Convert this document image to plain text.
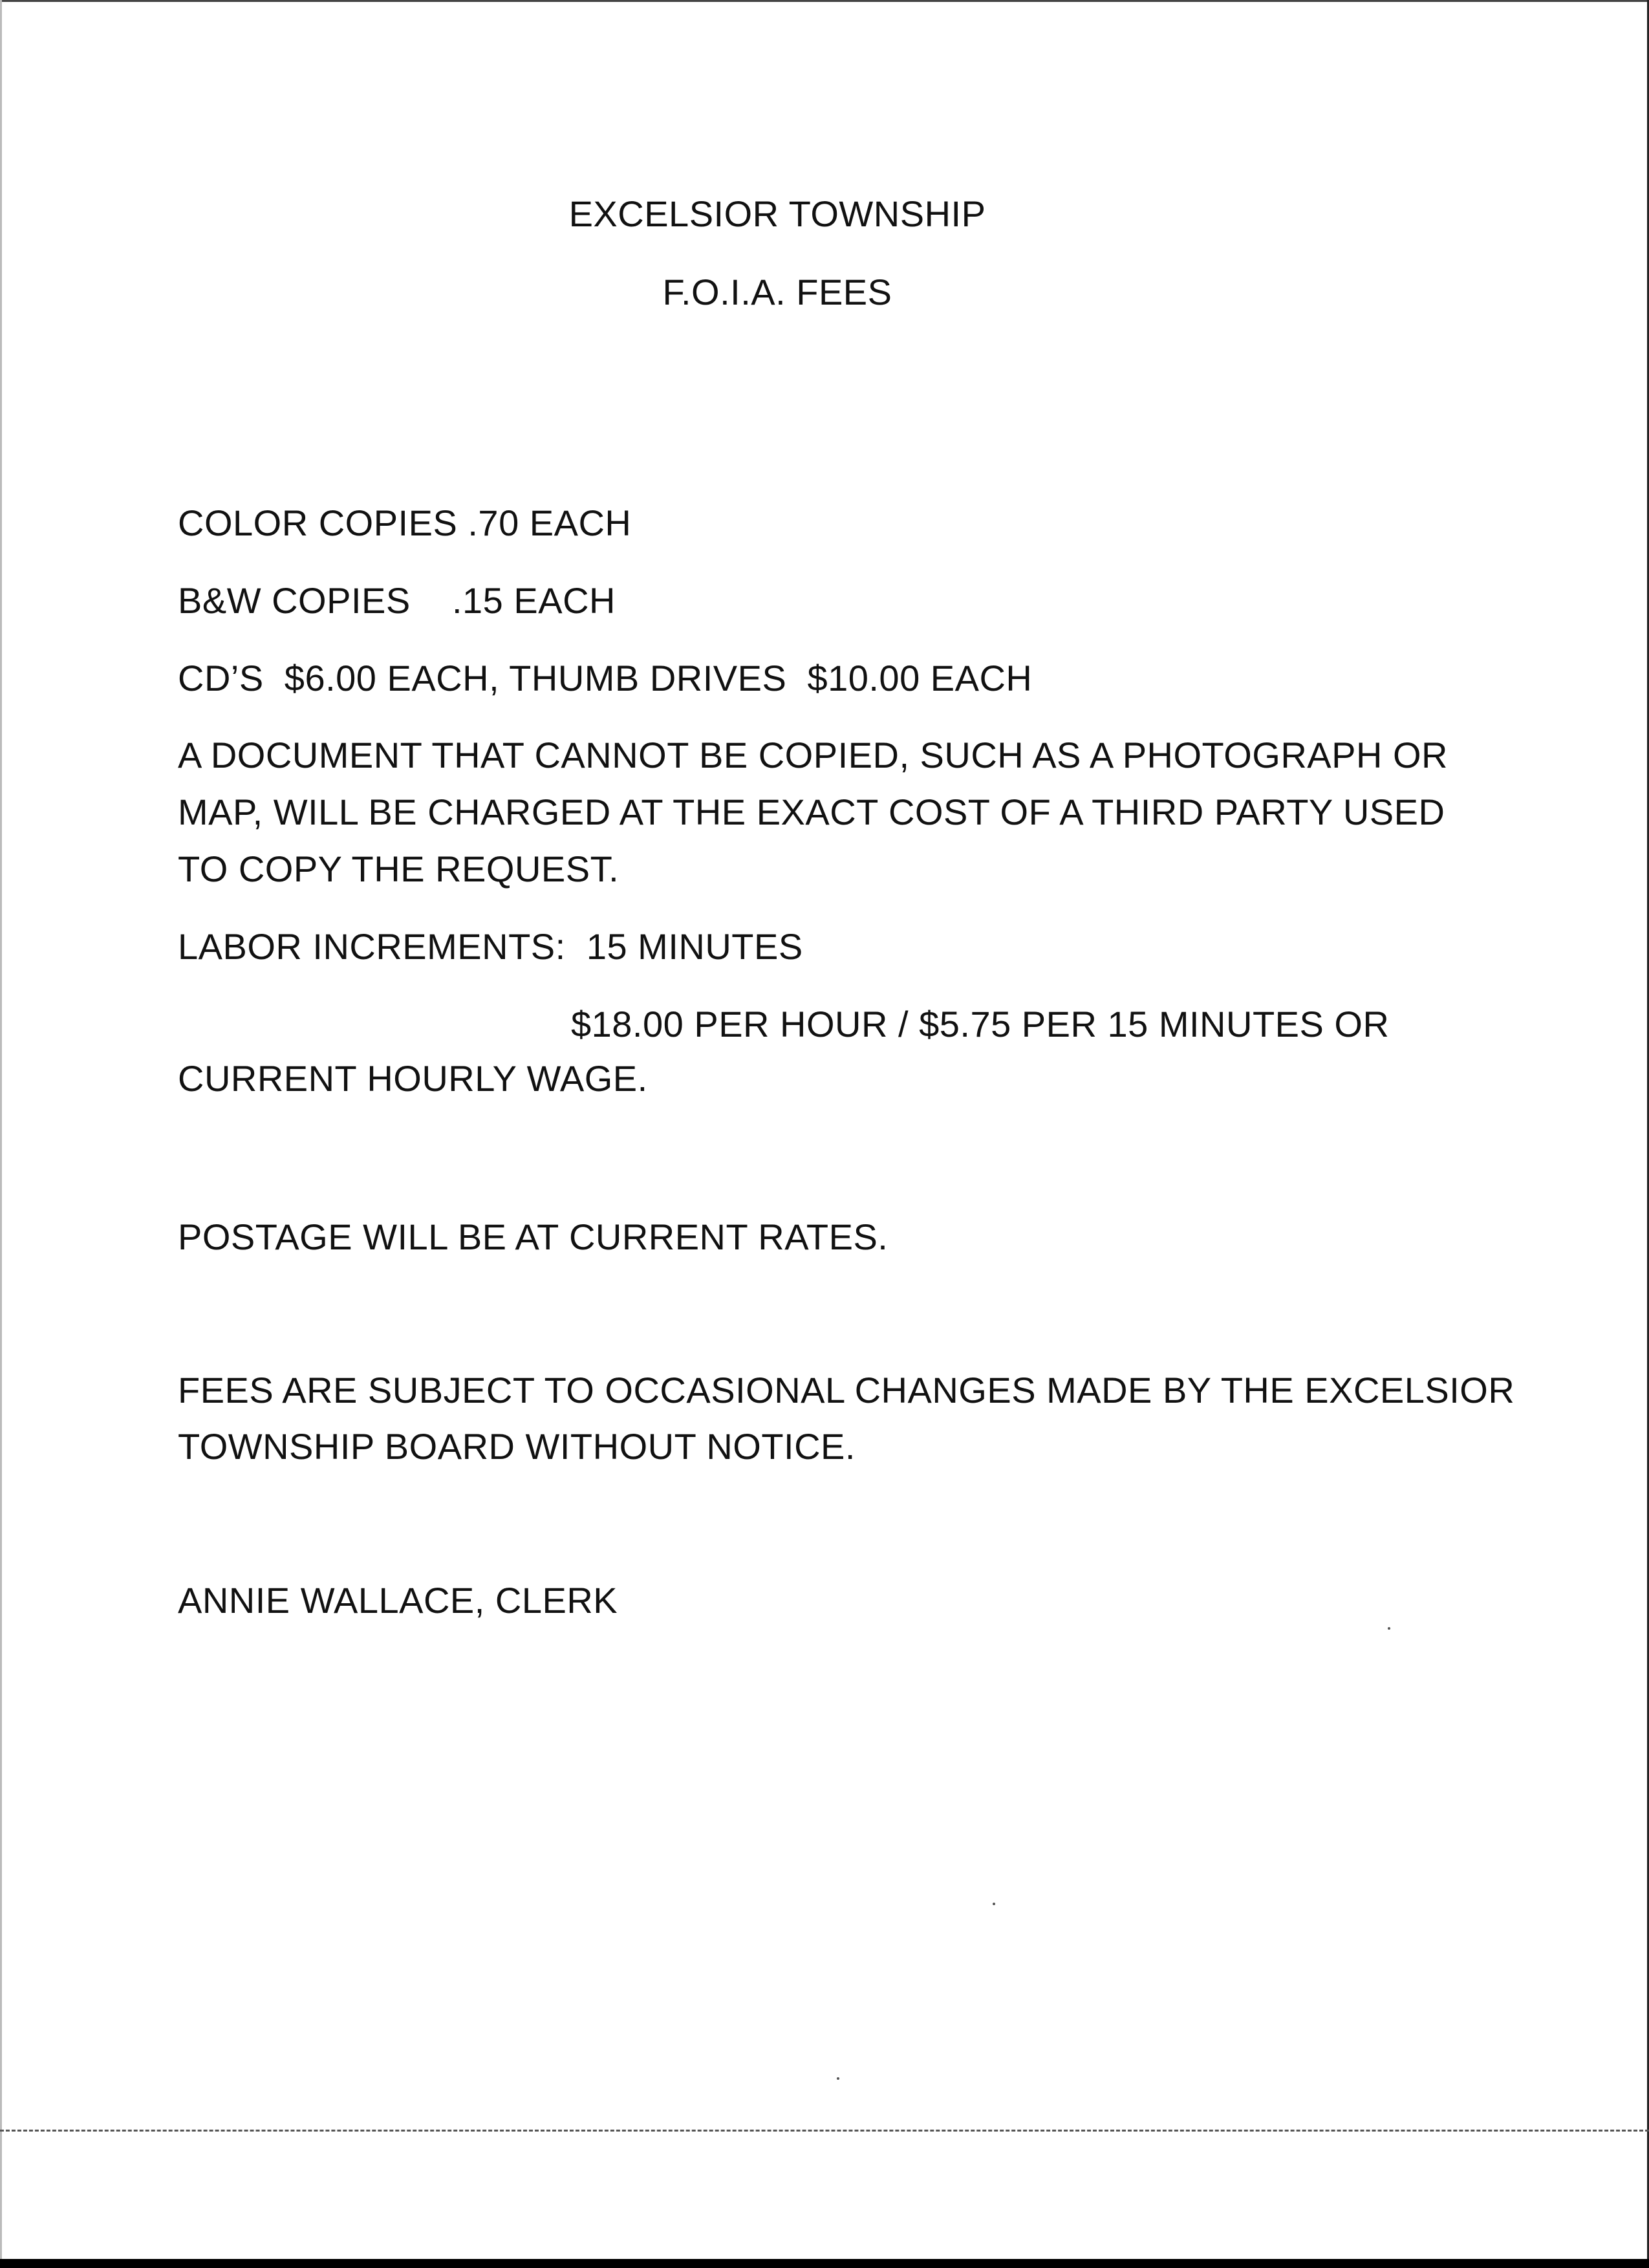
EXCELSIOR TOWNSHIP
F.O.I.A. FEES
COLOR COPIES .70 EACH
B&W COPIES    .15 EACH
CD’S  $6.00 EACH, THUMB DRIVES  $10.00 EACH
A DOCUMENT THAT CANNOT BE COPIED, SUCH AS A PHOTOGRAPH OR
MAP, WILL BE CHARGED AT THE EXACT COST OF A THIRD PARTY USED
TO COPY THE REQUEST.
LABOR INCREMENTS:  15 MINUTES
$18.00 PER HOUR / $5.75 PER 15 MINUTES OR
CURRENT HOURLY WAGE.
POSTAGE WILL BE AT CURRENT RATES.
FEES ARE SUBJECT TO OCCASIONAL CHANGES MADE BY THE EXCELSIOR
TOWNSHIP BOARD WITHOUT NOTICE.
ANNIE WALLACE, CLERK
